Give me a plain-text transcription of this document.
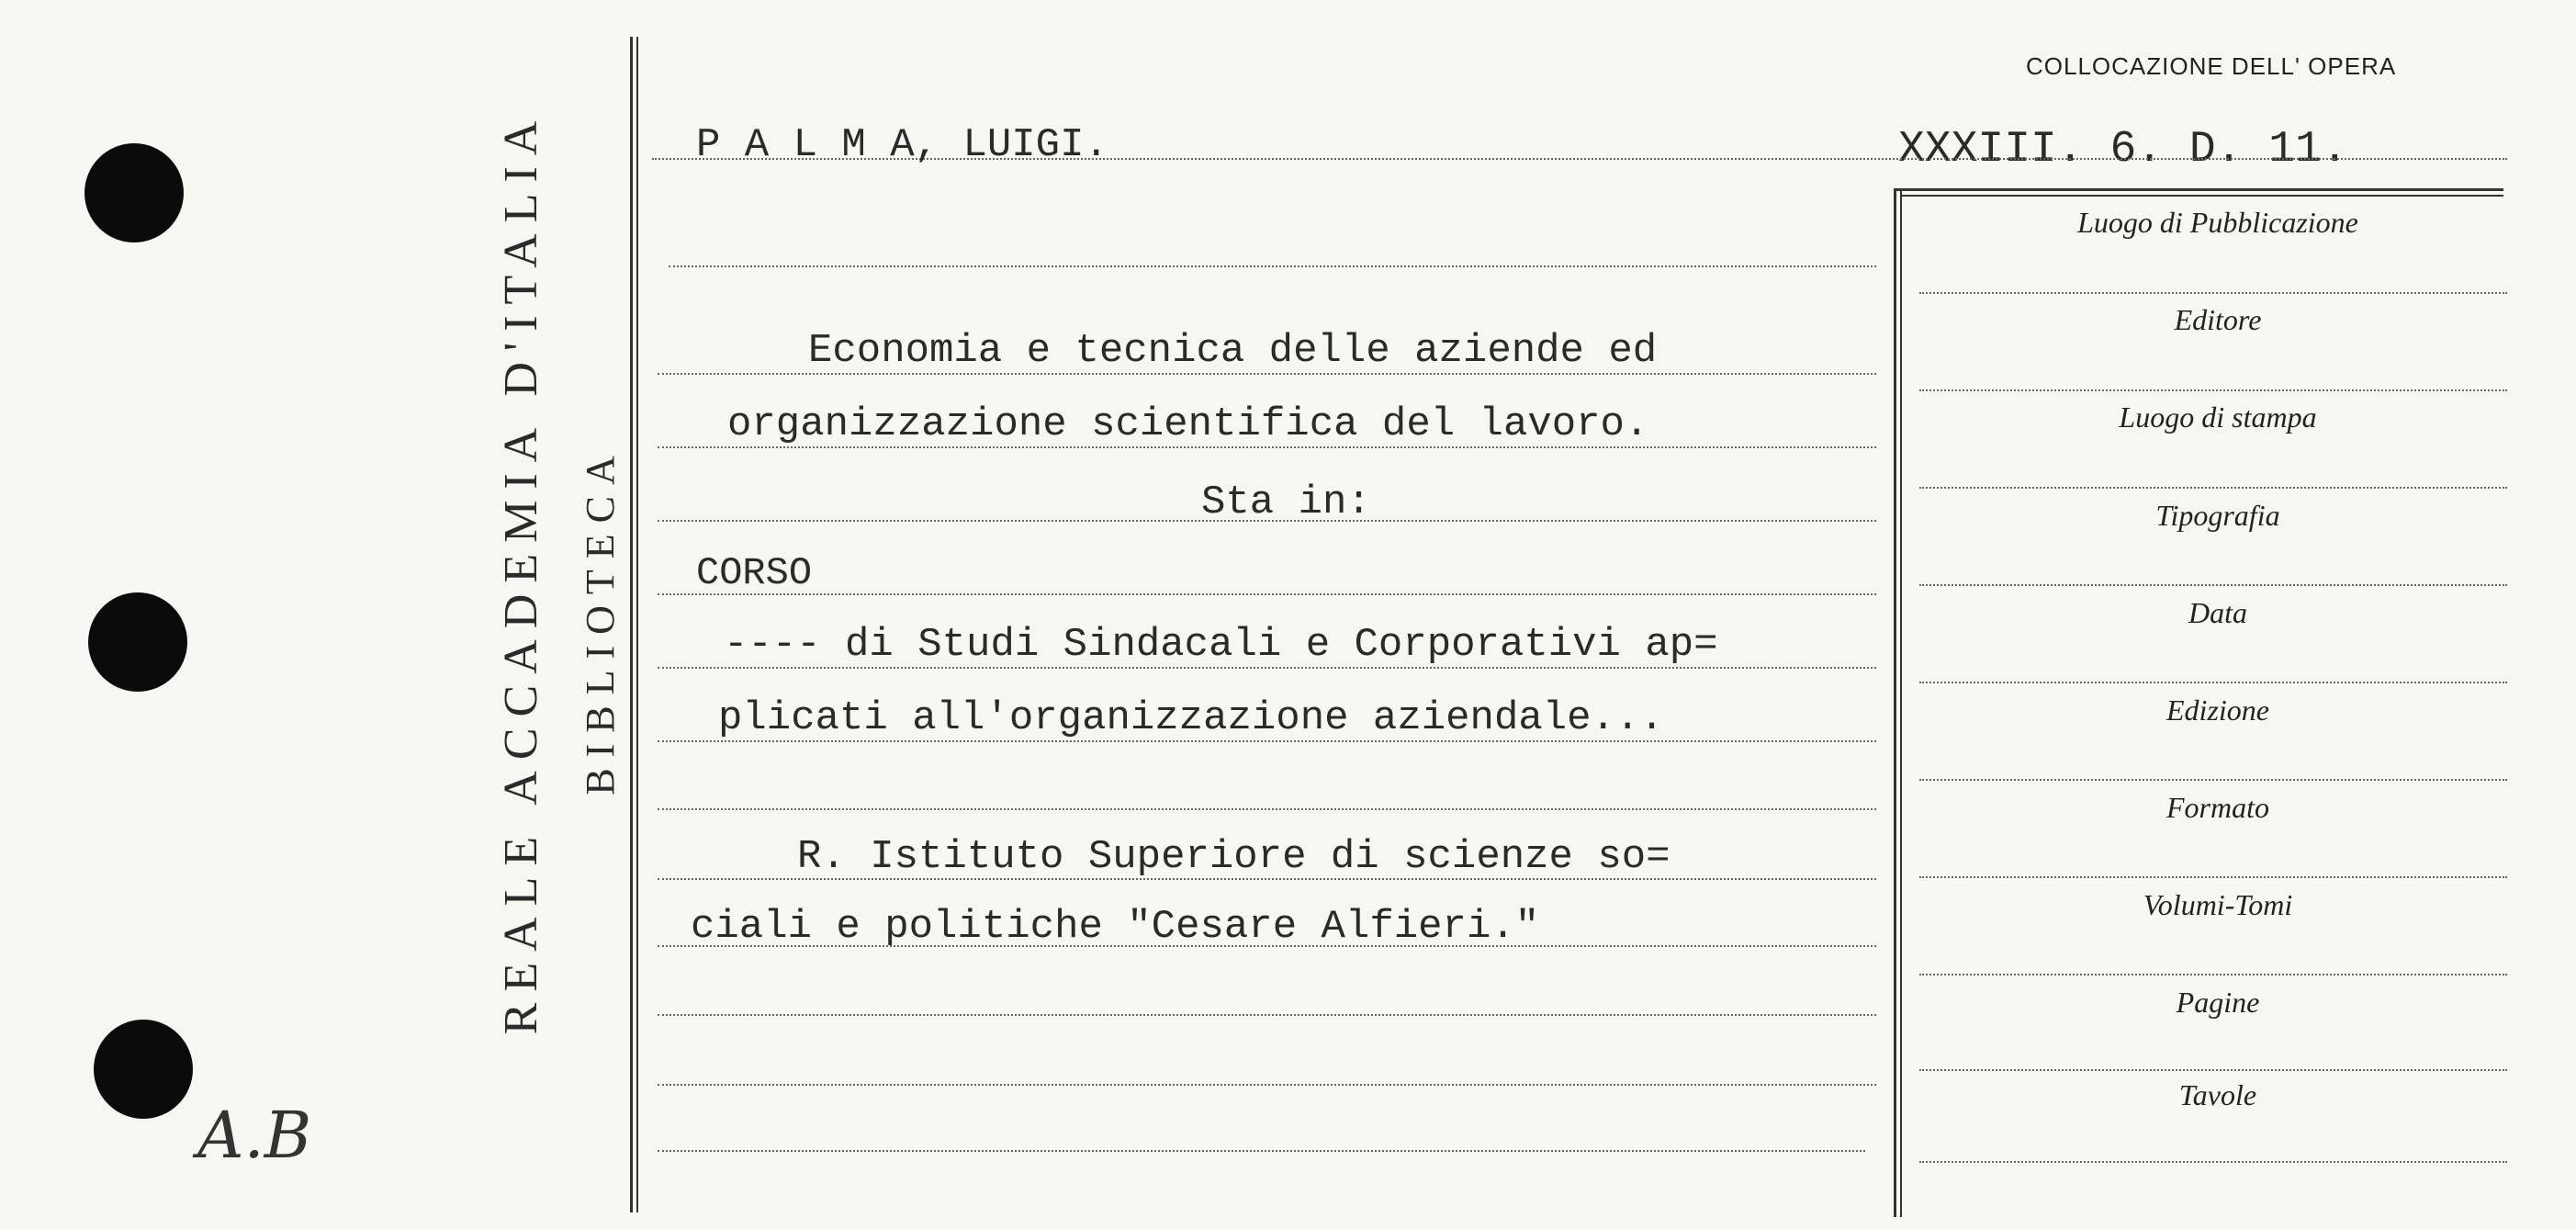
REALE ACCADEMIA D'ITALIA BIBLIOTECA
A.B
COLLOCAZIONE DELL' OPERA
XXXIII. 6. D. 11.
P A L M A, LUIGI.
Economia e tecnica delle aziende ed
organizzazione scientifica del lavoro.
Sta in:
CORSO
---- di Studi Sindacali e Corporativi ap=
plicati all'organizzazione aziendale...
R. Istituto Superiore di scienze so=
ciali e politiche "Cesare Alfieri."
Luogo di Pubblicazione
Editore
Luogo di stampa
Tipografia
Data
Edizione
Formato
Volumi-Tomi
Pagine
Tavole
